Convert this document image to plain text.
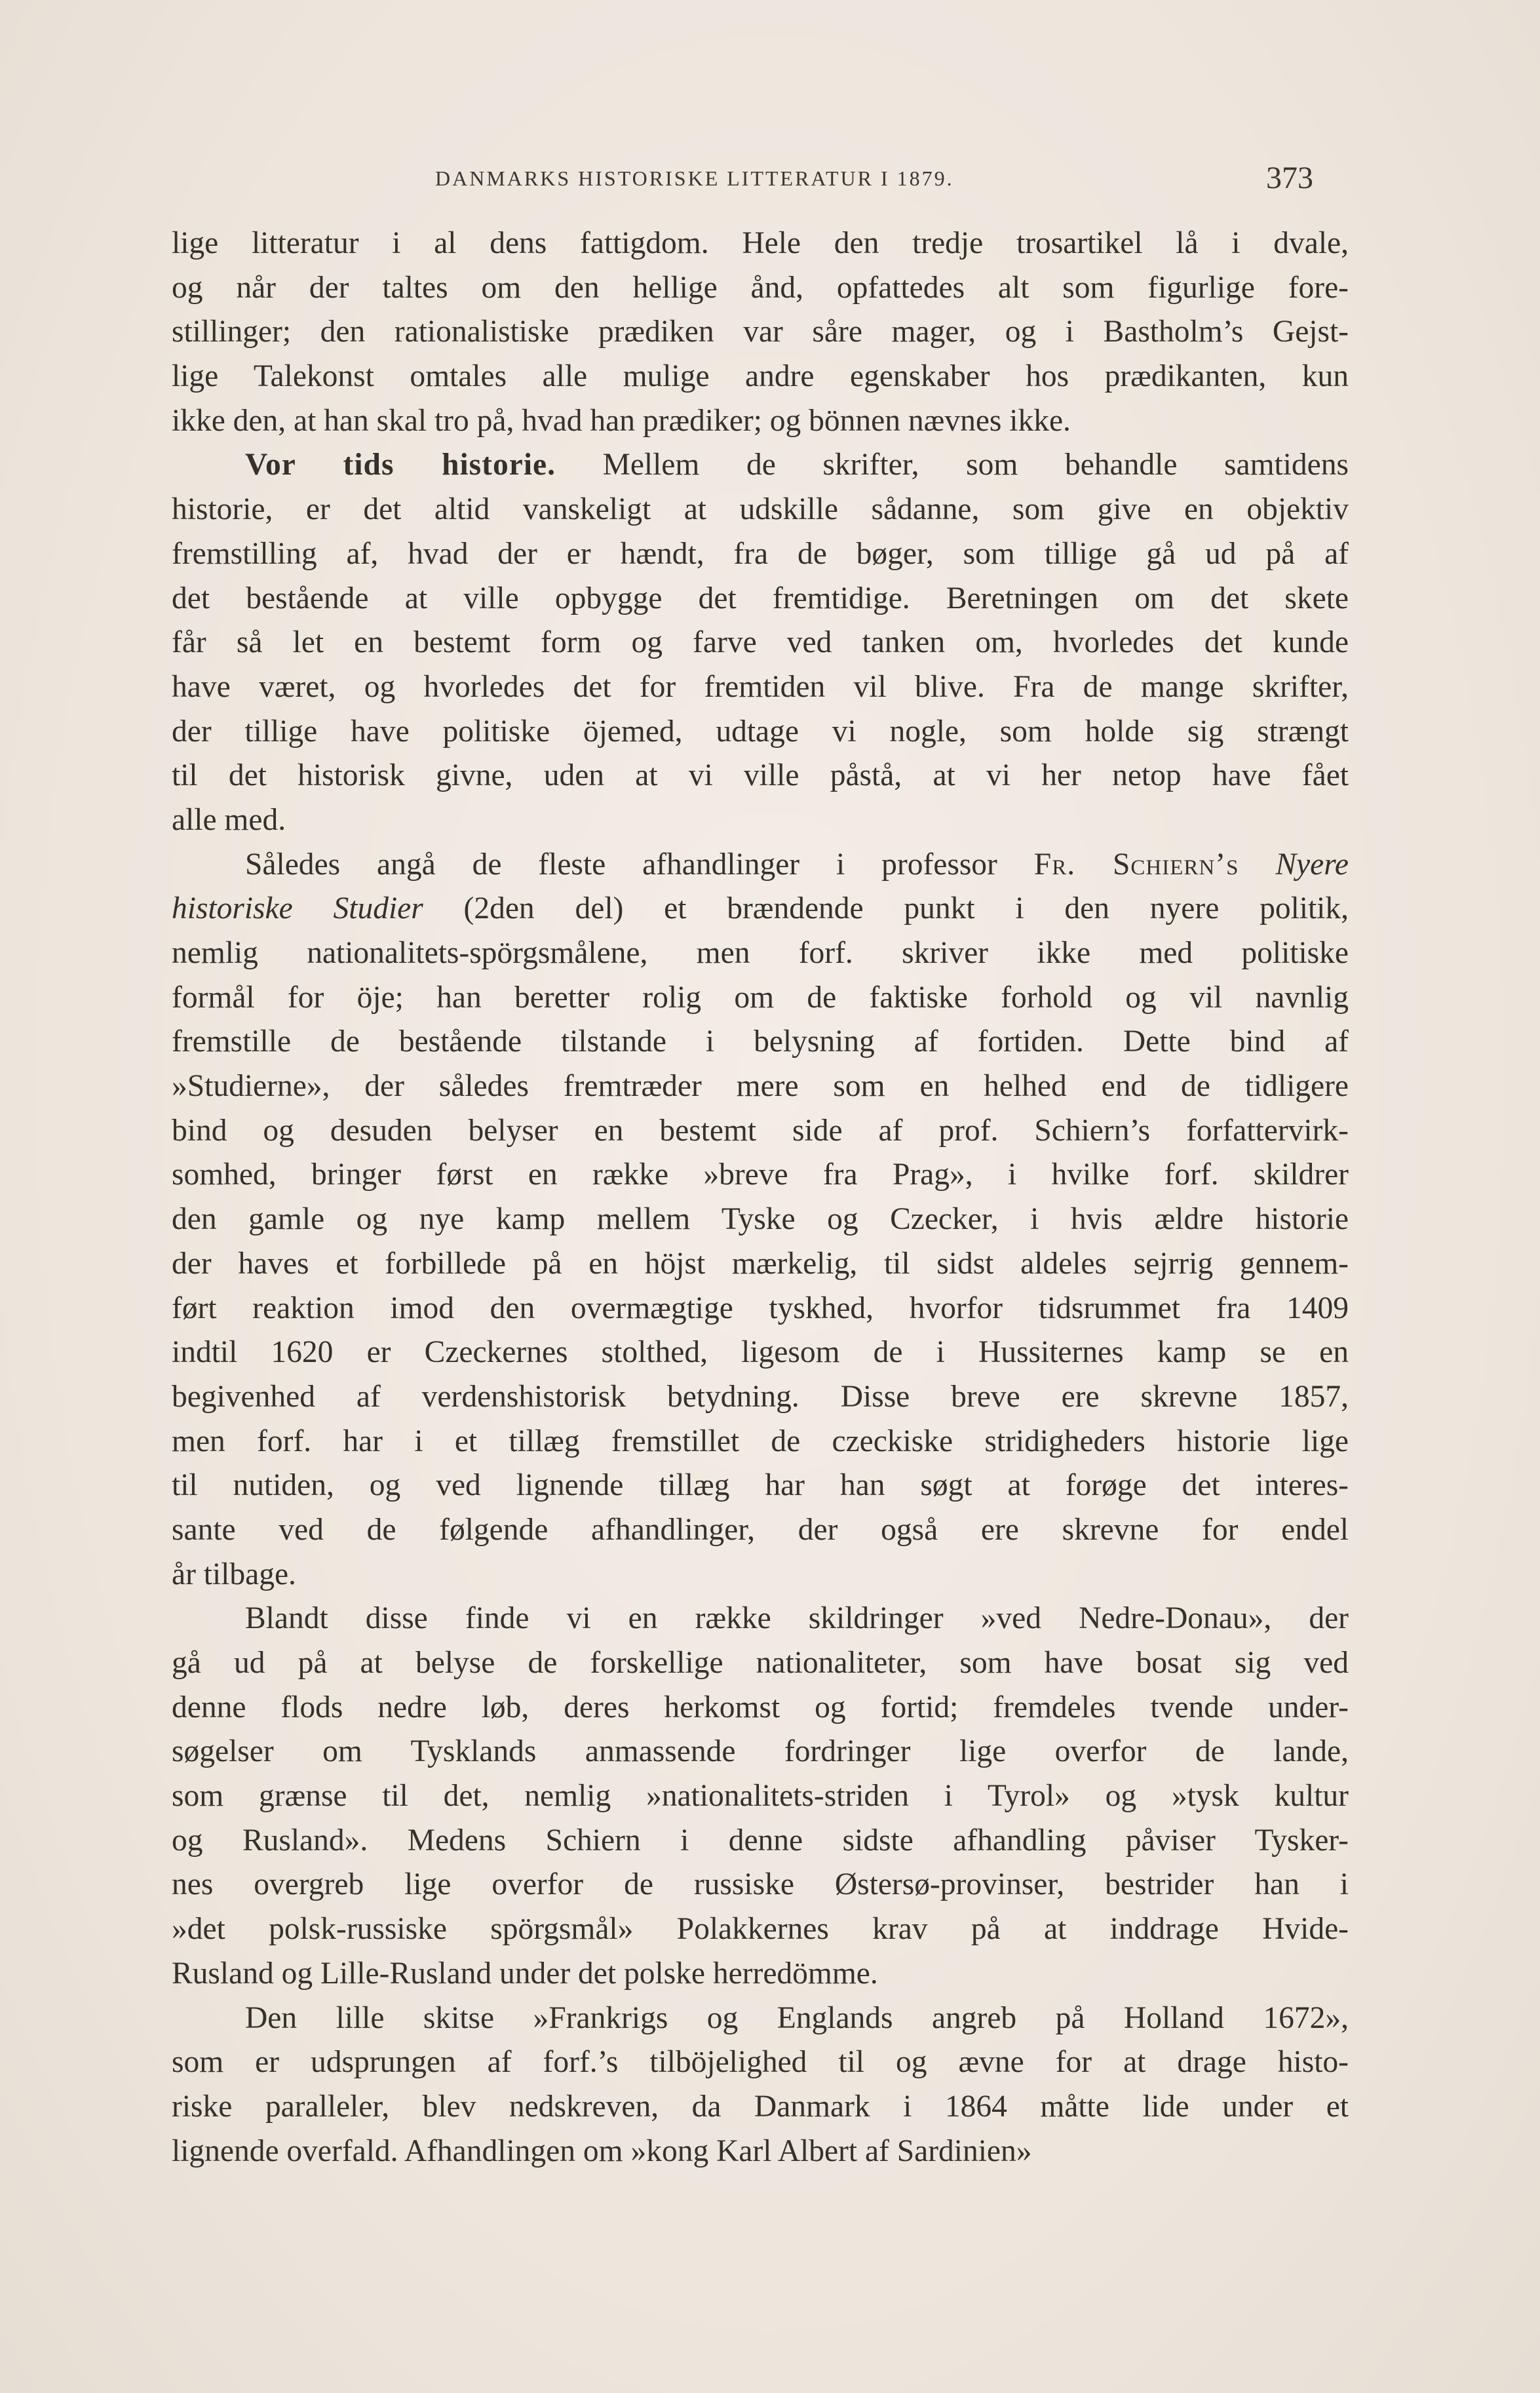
DANMARKS HISTORISKE LITTERATUR I 1879.	373

lige litteratur i al dens fattigdom. Hele den tredje trosartikel lå i dvale,
og når der taltes om den hellige ånd, opfattedes alt som figurlige fore-
stillinger; den rationalistiske prædiken var såre mager, og i Bastholm’s Gejst-
lige Talekonst omtales alle mulige andre egenskaber hos prædikanten, kun
ikke den, at han skal tro på, hvad han prædiker; og bönnen nævnes ikke.

Vor tids historie. Mellem de skrifter, som behandle samtidens
historie, er det altid vanskeligt at udskille sådanne, som give en objektiv
fremstilling af, hvad der er hændt, fra de bøger, som tillige gå ud på af
det bestående at ville opbygge det fremtidige. Beretningen om det skete
får så let en bestemt form og farve ved tanken om, hvorledes det kunde
have været, og hvorledes det for fremtiden vil blive. Fra de mange skrifter,
der tillige have politiske öjemed, udtage vi nogle, som holde sig strængt
til det historisk givne, uden at vi ville påstå, at vi her netop have fået
alle med.

Således angå de fleste afhandlinger i professor Fr. Schiern’s Nyere
historiske Studier (2den del) et brændende punkt i den nyere politik,
nemlig nationalitets-spörgsmålene, men forf. skriver ikke med politiske
formål for öje; han beretter rolig om de faktiske forhold og vil navnlig
fremstille de bestående tilstande i belysning af fortiden. Dette bind af
»Studierne», der således fremtræder mere som en helhed end de tidligere
bind og desuden belyser en bestemt side af prof. Schiern’s forfattervirk-
somhed, bringer først en række »breve fra Prag», i hvilke forf. skildrer
den gamle og nye kamp mellem Tyske og Czecker, i hvis ældre historie
der haves et forbillede på en höjst mærkelig, til sidst aldeles sejrrig gennem-
ført reaktion imod den overmægtige tyskhed, hvorfor tidsrummet fra 1409
indtil 1620 er Czeckernes stolthed, ligesom de i Hussiternes kamp se en
begivenhed af verdenshistorisk betydning. Disse breve ere skrevne 1857,
men forf. har i et tillæg fremstillet de czeckiske stridigheders historie lige
til nutiden, og ved lignende tillæg har han søgt at forøge det interes-
sante ved de følgende afhandlinger, der også ere skrevne for endel
år tilbage.

Blandt disse finde vi en række skildringer »ved Nedre-Donau», der
gå ud på at belyse de forskellige nationaliteter, som have bosat sig ved
denne flods nedre løb, deres herkomst og fortid; fremdeles tvende under-
søgelser om Tysklands anmassende fordringer lige overfor de lande,
som grænse til det, nemlig »nationalitets-striden i Tyrol» og »tysk kultur
og Rusland». Medens Schiern i denne sidste afhandling påviser Tysker-
nes overgreb lige overfor de russiske Østersø-provinser, bestrider han i
»det polsk-russiske spörgsmål» Polakkernes krav på at inddrage Hvide-
Rusland og Lille-Rusland under det polske herredömme.

Den lille skitse »Frankrigs og Englands angreb på Holland 1672»,
som er udsprungen af forf.’s tilböjelighed til og ævne for at drage histo-
riske paralleler, blev nedskreven, da Danmark i 1864 måtte lide under et
lignende overfald. Afhandlingen om »kong Karl Albert af Sardinien»
